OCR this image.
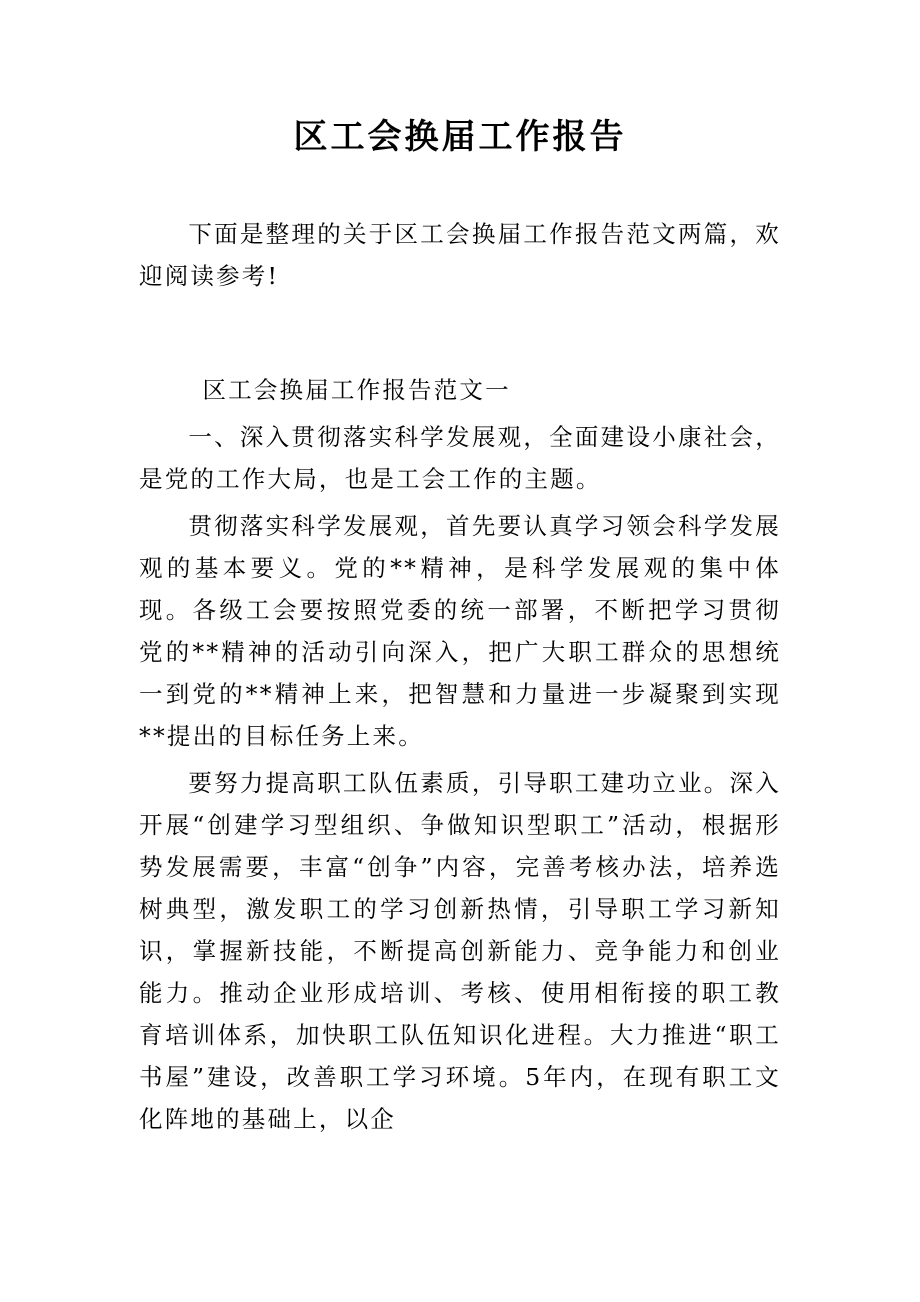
区工会换届工作报告

下面是整理的关于区工会换届工作报告范文两篇，欢迎阅读参考!

区工会换届工作报告范文一

一、深入贯彻落实科学发展观，全面建设小康社会，是党的工作大局，也是工会工作的主题。

贯彻落实科学发展观，首先要认真学习领会科学发展观的基本要义。党的**精神，是科学发展观的集中体现。各级工会要按照党委的统一部署，不断把学习贯彻党的**精神的活动引向深入，把广大职工群众的思想统一到党的**精神上来，把智慧和力量进一步凝聚到实现**提出的目标任务上来。

要努力提高职工队伍素质，引导职工建功立业。深入开展“创建学习型组织、争做知识型职工”活动，根据形势发展需要，丰富“创争”内容，完善考核办法，培养选树典型，激发职工的学习创新热情，引导职工学习新知识，掌握新技能，不断提高创新能力、竞争能力和创业能力。推动企业形成培训、考核、使用相衔接的职工教育培训体系，加快职工队伍知识化进程。大力推进“职工书屋”建设，改善职工学习环境。5年内，在现有职工文化阵地的基础上，以企
